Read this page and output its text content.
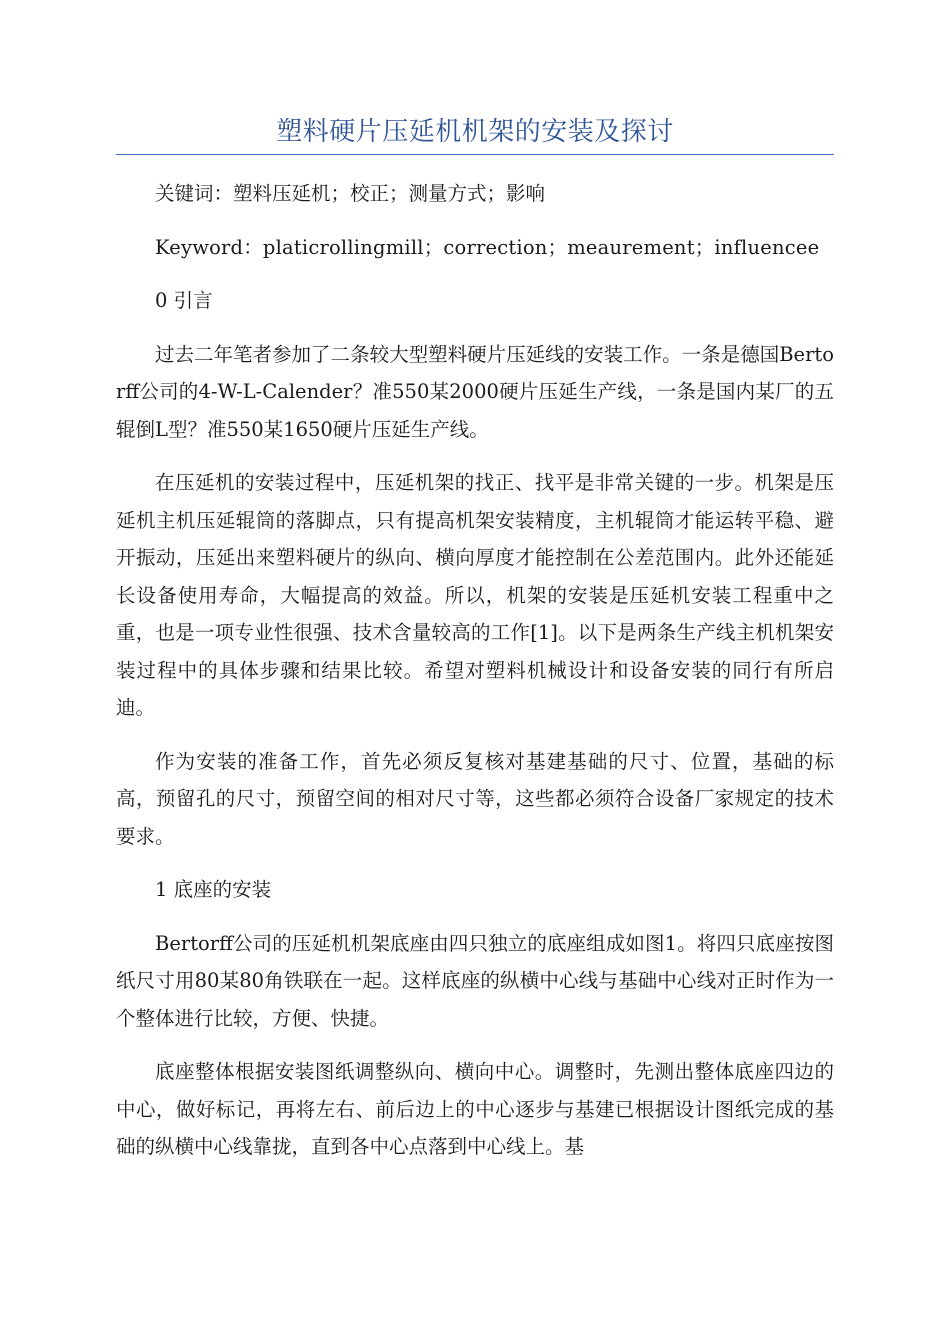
塑料硬片压延机机架的安装及探讨

关键词：塑料压延机；校正；测量方式；影响

Keyword：platicrollingmill；correction；meaurement；influencee

0 引言

过去二年笔者参加了二条较大型塑料硬片压延线的安装工作。一条是德国Bertorff公司的4-W-L-Calender？准550某2000硬片压延生产线，一条是国内某厂的五辊倒L型？准550某1650硬片压延生产线。

在压延机的安装过程中，压延机架的找正、找平是非常关键的一步。机架是压延机主机压延辊筒的落脚点，只有提高机架安装精度，主机辊筒才能运转平稳、避开振动，压延出来塑料硬片的纵向、横向厚度才能控制在公差范围内。此外还能延长设备使用寿命，大幅提高的效益。所以，机架的安装是压延机安装工程重中之重，也是一项专业性很强、技术含量较高的工作[1]。以下是两条生产线主机机架安装过程中的具体步骤和结果比较。希望对塑料机械设计和设备安装的同行有所启迪。

作为安装的准备工作，首先必须反复核对基建基础的尺寸、位置，基础的标高，预留孔的尺寸，预留空间的相对尺寸等，这些都必须符合设备厂家规定的技术要求。

1 底座的安装

Bertorff公司的压延机机架底座由四只独立的底座组成如图1。将四只底座按图纸尺寸用80某80角铁联在一起。这样底座的纵横中心线与基础中心线对正时作为一个整体进行比较，方便、快捷。

底座整体根据安装图纸调整纵向、横向中心。调整时，先测出整体底座四边的中心，做好标记，再将左右、前后边上的中心逐步与基建已根据设计图纸完成的基础的纵横中心线靠拢，直到各中心点落到中心线上。基
